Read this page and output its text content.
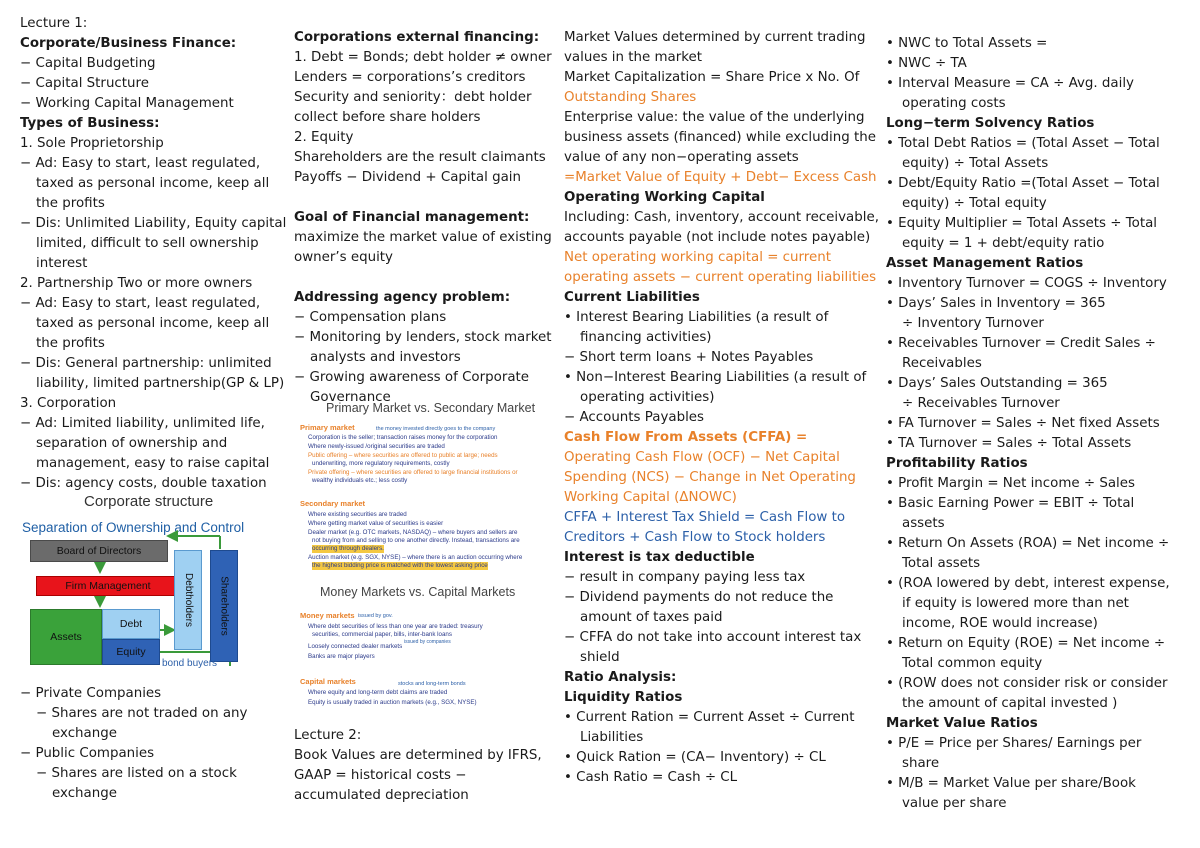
Lecture 1:
Corporate/Business Finance:
− Capital Budgeting
− Capital Structure
− Working Capital Management
Types of Business:
1. Sole Proprietorship
− Ad: Easy to start, least regulated,
taxed as personal income, keep all
the profits
− Dis: Unlimited Liability, Equity capital
limited, difficult to sell ownership
interest
2. Partnership Two or more owners
− Ad: Easy to start, least regulated,
taxed as personal income, keep all
the profits
− Dis: General partnership: unlimited
liability, limited partnership(GP & LP)
3. Corporation
− Ad: Limited liability, unlimited life,
separation of ownership and
management, easy to raise capital
− Dis: agency costs, double taxation
Corporate structure
Separation of Ownership and Control
Board of Directors
Firm Management
Assets
Debt
Equity
Debtholders	Shareholders
bond buyers
− Private Companies
− Shares are not traded on any
exchange
− Public Companies
− Shares are listed on a stock
exchange
Corporations external financing:
1. Debt = Bonds; debt holder ≠ owner
Lenders = corporations’s creditors
Security and seniority：debt holder
collect before share holders
2. Equity
Shareholders are the result claimants
Payoffs − Dividend + Capital gain
Goal of Financial management:
maximize the market value of existing
owner’s equity
Addressing agency problem:
− Compensation plans
− Monitoring by lenders, stock market
analysts and investors
− Growing awareness of Corporate
Governance
Primary Market vs. Secondary Market
Primary market	the money invested directly goes to the company
Corporation is the seller; transaction raises money for the corporation
Where newly-issued /original securities are traded
Public offering – where securities are offered to public at large; needs
underwriting, more regulatory requirements, costly
Private offering – where securities are offered to large financial institutions or
wealthy individuals etc.; less costly
Secondary market
Where existing securities are traded
Where getting market value of securities is easier
Dealer market (e.g. OTC markets, NASDAQ) – where buyers and sellers are
not buying from and selling to one another directly. Instead, transactions are
occurring through dealers.
Auction market (e.g. SGX, NYSE) – where there is an auction occurring where
the highest bidding price is matched with the lowest asking price
Money Markets vs. Capital Markets
Money markets issued by gov.
Where debt securities of less than one year are traded: treasury
securities, commercial paper, bills, inter-bank loans
issued by companies
Loosely connected dealer markets
Banks are major players
Capital markets	stocks and long-term bonds
Where equity and long-term debt claims are traded
Equity is usually traded in auction markets (e.g., SGX, NYSE)
Lecture 2:
Book Values are determined by IFRS,
GAAP = historical costs −
accumulated depreciation
Market Values determined by current trading
values in the market
Market Capitalization = Share Price x No. Of
Outstanding Shares
Enterprise value: the value of the underlying
business assets (financed) while excluding the
value of any non−operating assets
=Market Value of Equity + Debt− Excess Cash
Operating Working Capital
Including: Cash, inventory, account receivable,
accounts payable (not include notes payable)
Net operating working capital = current
operating assets − current operating liabilities
Current Liabilities
• Interest Bearing Liabilities (a result of
financing activities)
− Short term loans + Notes Payables
• Non−Interest Bearing Liabilities (a result of
operating activities)
− Accounts Payables
Cash Flow From Assets (CFFA) =
Operating Cash Flow (OCF) − Net Capital
Spending (NCS) − Change in Net Operating
Working Capital (ΔNOWC)
CFFA + Interest Tax Shield = Cash Flow to
Creditors + Cash Flow to Stock holders
Interest is tax deductible
− result in company paying less tax
− Dividend payments do not reduce the
amount of taxes paid
− CFFA do not take into account interest tax
shield
Ratio Analysis:
Liquidity Ratios
• Current Ration = Current Asset ÷ Current
Liabilities
• Quick Ration = (CA− Inventory) ÷ CL
• Cash Ratio = Cash ÷ CL
• NWC to Total Assets =
• NWC ÷ TA
• Interval Measure = CA ÷ Avg. daily
operating costs
Long−term Solvency Ratios
• Total Debt Ratios = (Total Asset − Total
equity) ÷ Total Assets
• Debt/Equity Ratio =(Total Asset − Total
equity) ÷ Total equity
• Equity Multiplier = Total Assets ÷ Total
equity = 1 + debt/equity ratio
Asset Management Ratios
• Inventory Turnover = COGS ÷ Inventory
• Days’ Sales in Inventory = 365
÷ Inventory Turnover
• Receivables Turnover = Credit Sales ÷
Receivables
• Days’ Sales Outstanding = 365
÷ Receivables Turnover
• FA Turnover = Sales ÷ Net fixed Assets
• TA Turnover = Sales ÷ Total Assets
Profitability Ratios
• Profit Margin = Net income ÷ Sales
• Basic Earning Power = EBIT ÷ Total
assets
• Return On Assets (ROA) = Net income ÷
Total assets
• (ROA lowered by debt, interest expense,
if equity is lowered more than net
income, ROE would increase)
• Return on Equity (ROE) = Net income ÷
Total common equity
• (ROW does not consider risk or consider
the amount of capital invested )
Market Value Ratios
• P/E = Price per Shares/ Earnings per
share
• M/B = Market Value per share/Book
value per share
